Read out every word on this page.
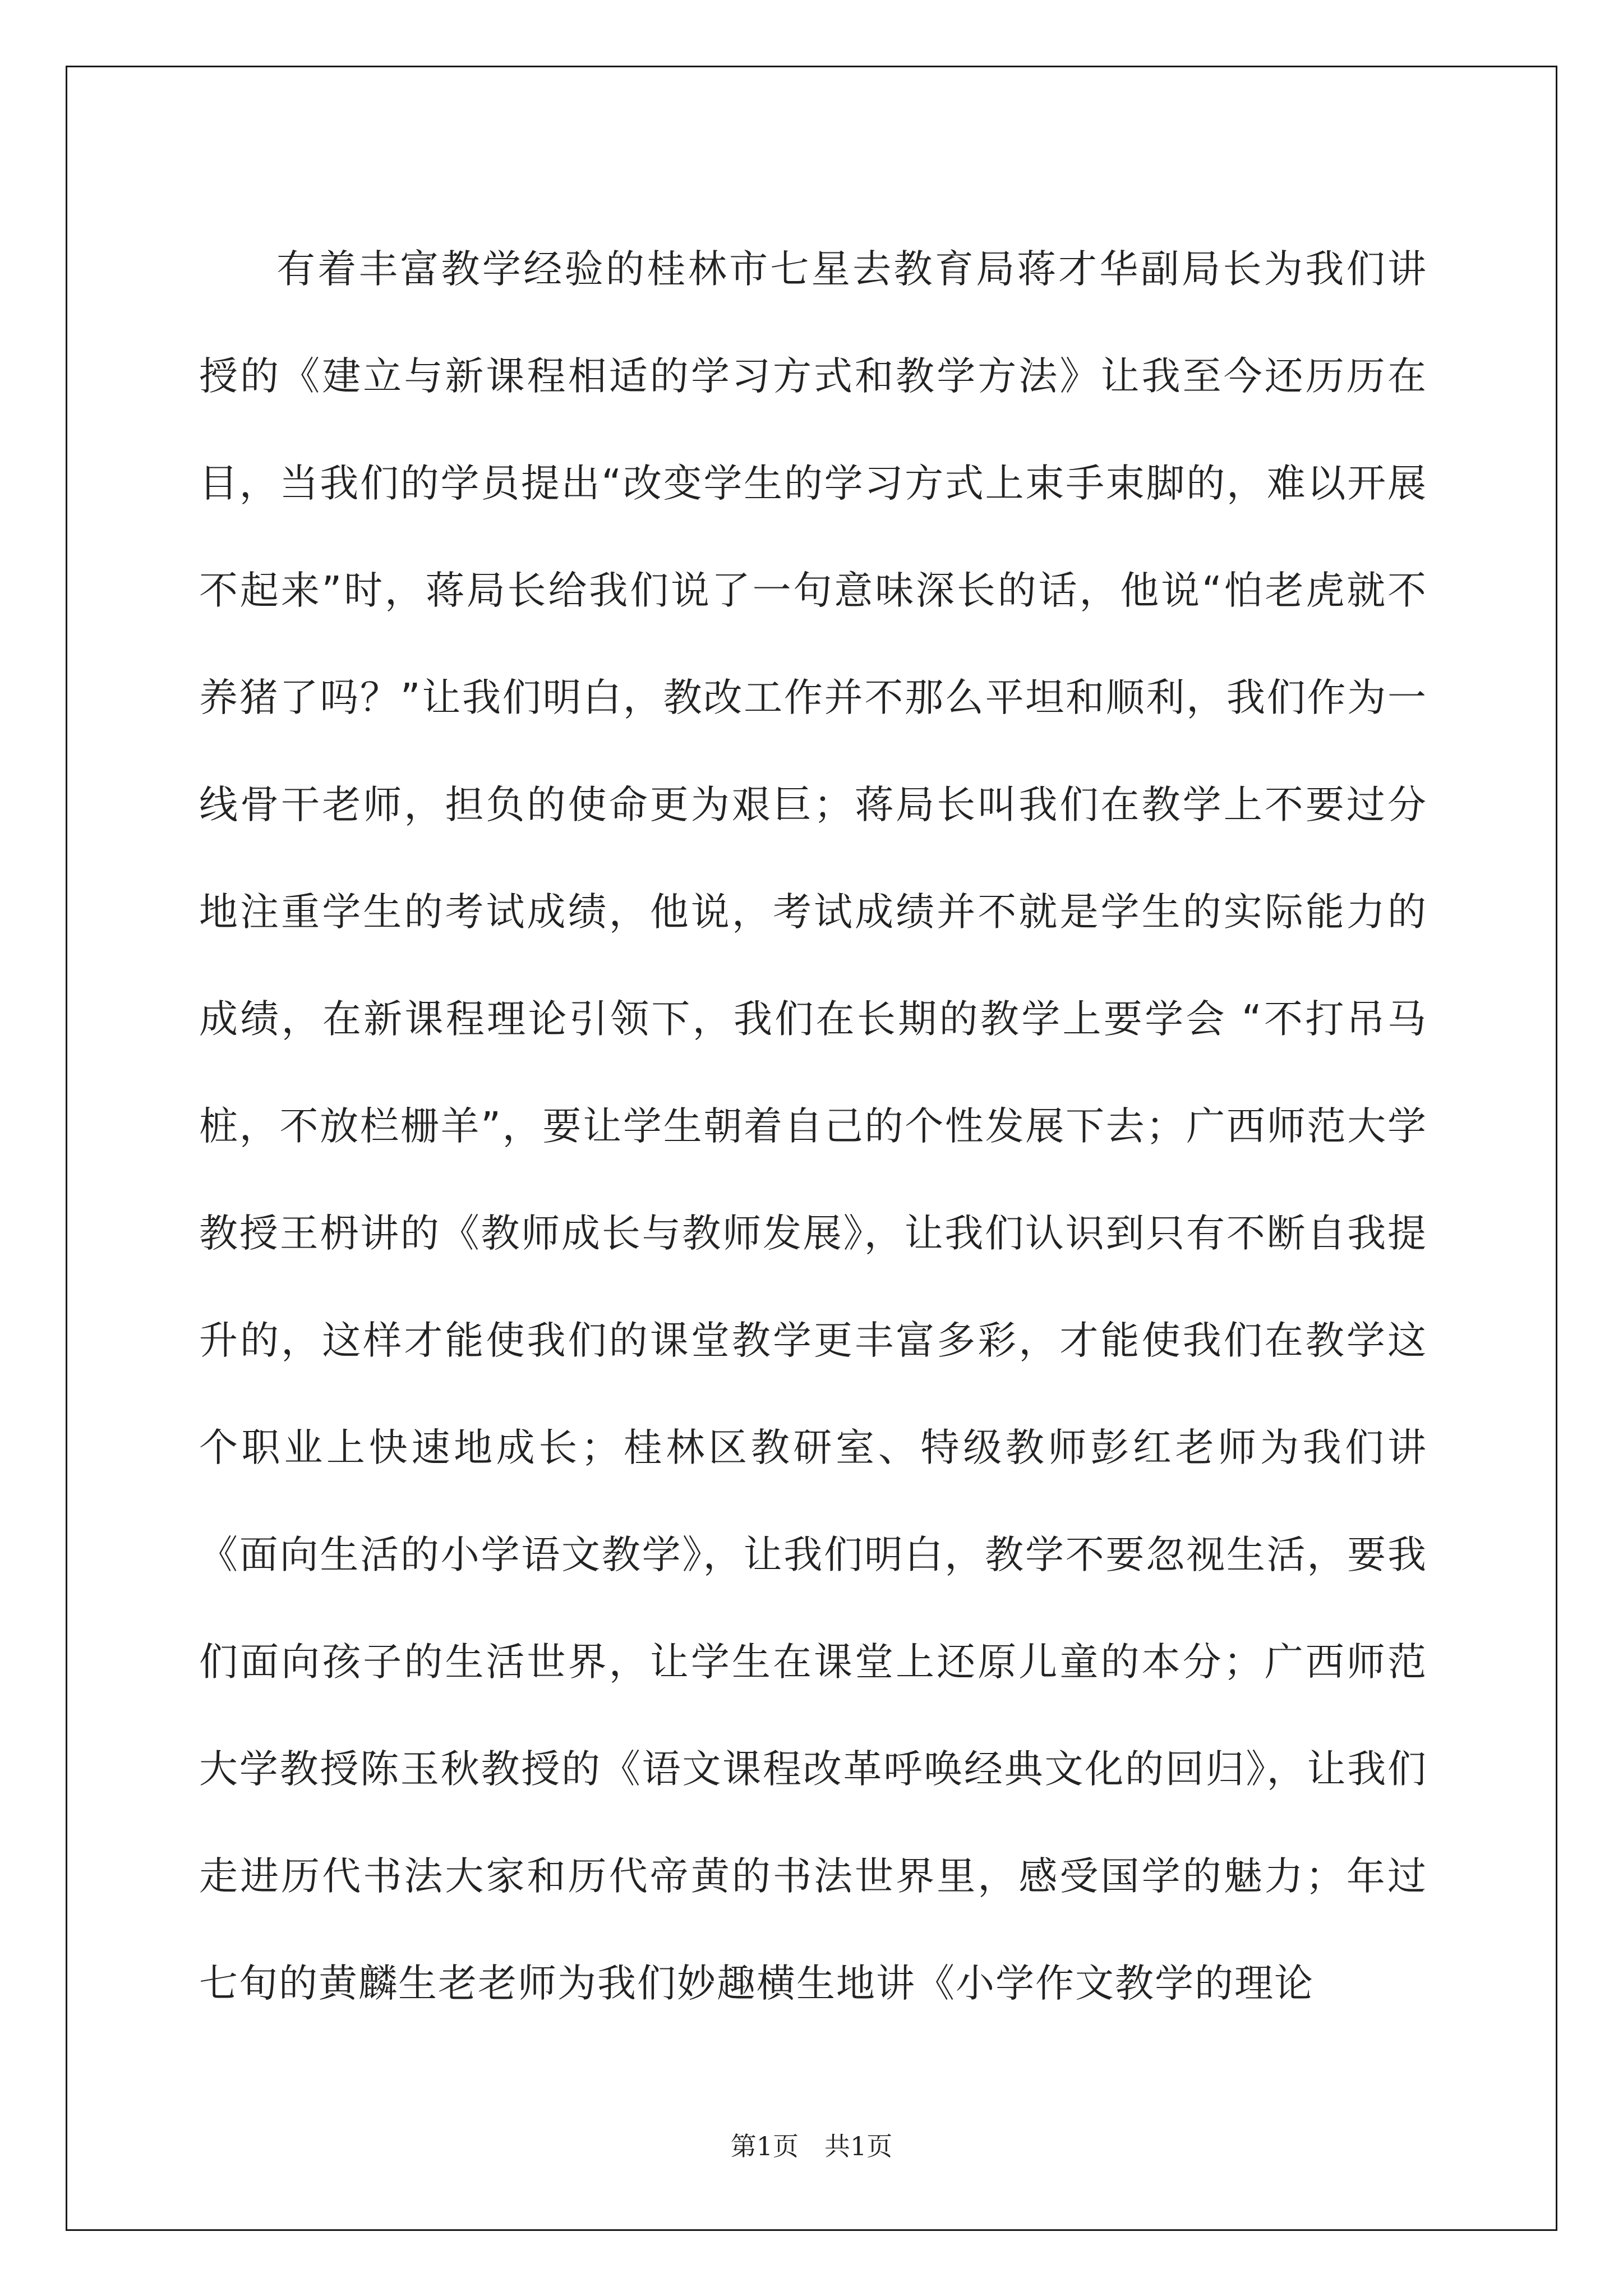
有着丰富教学经验的桂林市七星去教育局蒋才华副局长为我们讲授的《建立与新课程相适的学习方式和教学方法》让我至今还历历在目，当我们的学员提出“改变学生的学习方式上束手束脚的，难以开展不起来”时，蒋局长给我们说了一句意味深长的话，他说“怕老虎就不养猪了吗？”让我们明白，教改工作并不那么平坦和顺利，我们作为一线骨干老师，担负的使命更为艰巨；蒋局长叫我们在教学上不要过分地注重学生的考试成绩，他说，考试成绩并不就是学生的实际能力的成绩，在新课程理论引领下，我们在长期的教学上要学会 “不打吊马桩，不放栏栅羊”，要让学生朝着自己的个性发展下去；广西师范大学教授王枬讲的《教师成长与教师发展》，让我们认识到只有不断自我提升的，这样才能使我们的课堂教学更丰富多彩，才能使我们在教学这个职业上快速地成长；桂林区教研室、特级教师彭红老师为我们讲《面向生活的小学语文教学》，让我们明白，教学不要忽视生活，要我们面向孩子的生活世界，让学生在课堂上还原儿童的本分；广西师范大学教授陈玉秋教授的《语文课程改革呼唤经典文化的回归》，让我们走进历代书法大家和历代帝黄的书法世界里，感受国学的魅力；年过七旬的黄麟生老老师为我们妙趣横生地讲《小学作文教学的理论

第1页　共1页
